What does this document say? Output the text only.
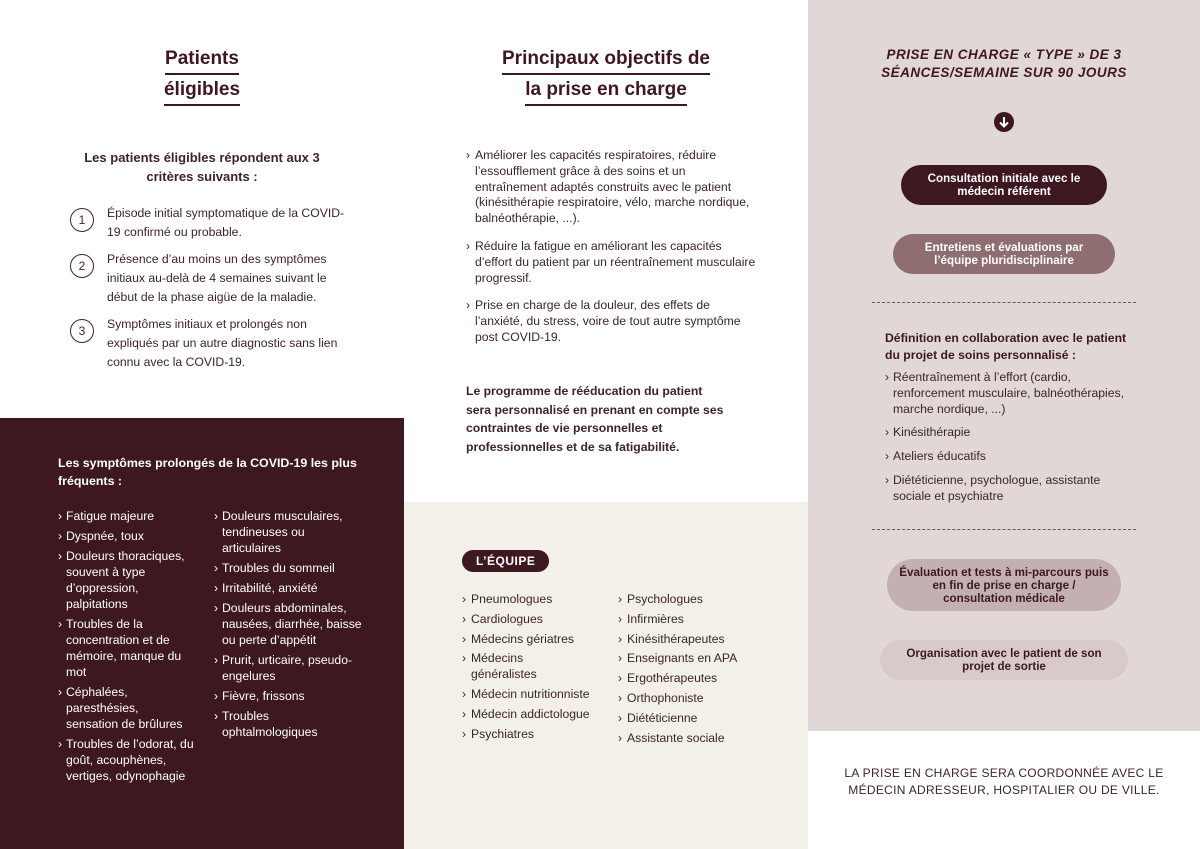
Patients
éligibles

Les patients éligibles répondent aux 3 critères suivants :

1	Épisode initial symptomatique de la COVID-19 confirmé ou probable.
2	Présence d’au moins un des symptômes initiaux au-delà de 4 semaines suivant le début de la phase aigüe de la maladie.
3	Symptômes initiaux et prolongés non expliqués par un autre diagnostic sans lien connu avec la COVID-19.

Les symptômes prolongés de la COVID-19 les plus fréquents :

› Fatigue majeure
› Dyspnée, toux
› Douleurs thoraciques, souvent à type d’oppression, palpitations
› Troubles de la concentration et de mémoire, manque du mot
› Céphalées, paresthésies, sensation de brûlures
› Troubles de l’odorat, du goût, acouphènes, vertiges, odynophagie
› Douleurs musculaires, tendineuses ou articulaires
› Troubles du sommeil
› Irritabilité, anxiété
› Douleurs abdominales, nausées, diarrhée, baisse ou perte d’appétit
› Prurit, urticaire, pseudo-engelures
› Fièvre, frissons
› Troubles ophtalmologiques
Principaux objectifs de
la prise en charge
› Améliorer les capacités respiratoires, réduire l’essoufflement grâce à des soins et un entraînement adaptés construits avec le patient (kinésithérapie respiratoire, vélo, marche nordique, balnéothérapie, ...).
› Réduire la fatigue en améliorant les capacités d’effort du patient par un réentraînement musculaire progressif.
› Prise en charge de la douleur, des effets de l’anxiété, du stress, voire de tout autre symptôme post COVID-19.

Le programme de rééducation du patient sera personnalisé en prenant en compte ses contraintes de vie personnelles et professionnelles et de sa fatigabilité.

L’ÉQUIPE
› Pneumologues
› Cardiologues
› Médecins gériatres
› Médecins généralistes
› Médecin nutritionniste
› Médecin addictologue
› Psychiatres
› Psychologues
› Infirmières
› Kinésithérapeutes
› Enseignants en APA
› Ergothérapeutes
› Orthophoniste
› Diététicienne
› Assistante sociale

PRISE EN CHARGE « TYPE » DE 3 SÉANCES/SEMAINE SUR 90 JOURS

Consultation initiale avec le médecin référent
Entretiens et évaluations par l’équipe pluridisciplinaire

Définition en collaboration avec le patient du projet de soins personnalisé :

› Réentraînement à l’effort (cardio, renforcement musculaire, balnéothérapies, marche nordique, ...)
› Kinésithérapie
› Ateliers éducatifs
› Diététicienne, psychologue, assistante sociale et psychiatre
Évaluation et tests à mi-parcours puis en fin de prise en charge / consultation médicale
Organisation avec le patient de son projet de sortie

LA PRISE EN CHARGE SERA COORDONNÉE AVEC LE MÉDECIN ADRESSEUR, HOSPITALIER OU DE VILLE.
